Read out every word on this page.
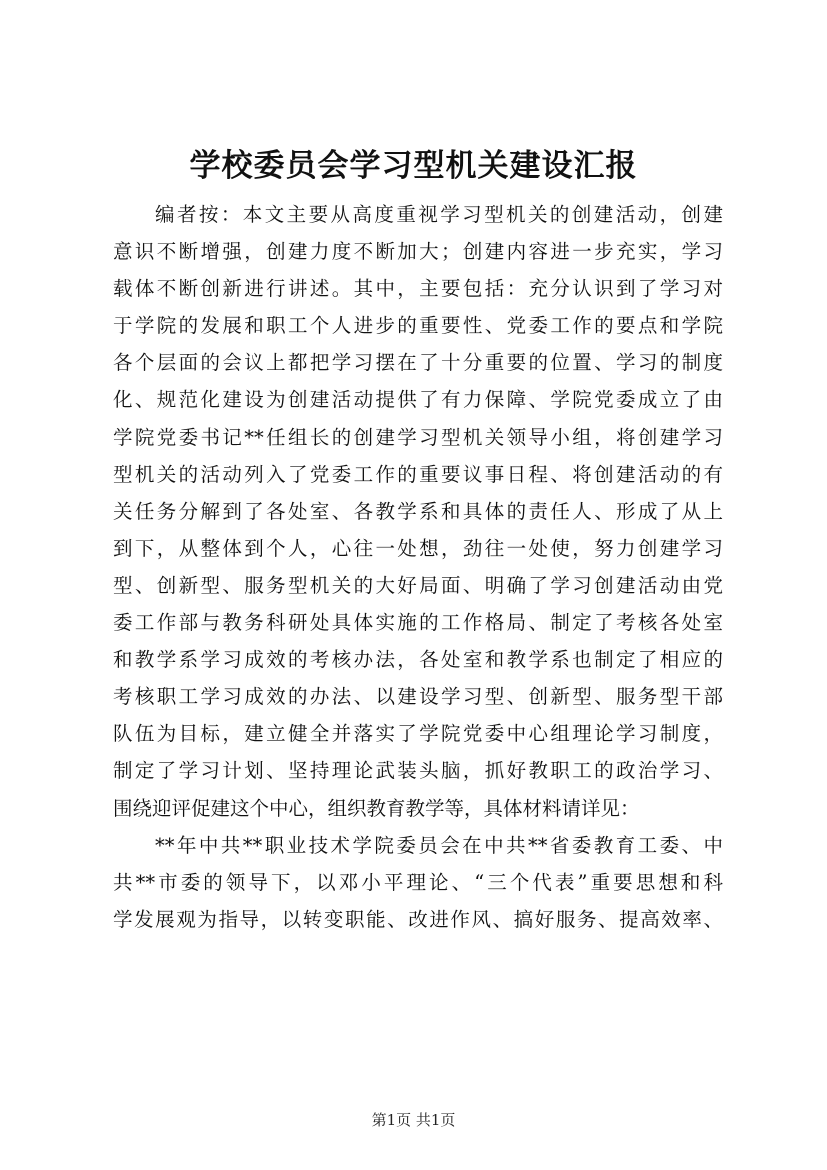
学校委员会学习型机关建设汇报
编者按：本文主要从高度重视学习型机关的创建活动，创建
意识不断增强，创建力度不断加大；创建内容进一步充实，学习
载体不断创新进行讲述。其中，主要包括：充分认识到了学习对
于学院的发展和职工个人进步的重要性、党委工作的要点和学院
各个层面的会议上都把学习摆在了十分重要的位置、学习的制度
化、规范化建设为创建活动提供了有力保障、学院党委成立了由
学院党委书记**任组长的创建学习型机关领导小组，将创建学习
型机关的活动列入了党委工作的重要议事日程、将创建活动的有
关任务分解到了各处室、各教学系和具体的责任人、形成了从上
到下，从整体到个人，心往一处想，劲往一处使，努力创建学习
型、创新型、服务型机关的大好局面、明确了学习创建活动由党
委工作部与教务科研处具体实施的工作格局、制定了考核各处室
和教学系学习成效的考核办法，各处室和教学系也制定了相应的
考核职工学习成效的办法、以建设学习型、创新型、服务型干部
队伍为目标，建立健全并落实了学院党委中心组理论学习制度，
制定了学习计划、坚持理论武装头脑，抓好教职工的政治学习、
围绕迎评促建这个中心，组织教育教学等，具体材料请详见：
**年中共**职业技术学院委员会在中共**省委教育工委、中
共**市委的领导下，以邓小平理论、“三个代表”重要思想和科
学发展观为指导，以转变职能、改进作风、搞好服务、提高效率、
第1页 共1页
